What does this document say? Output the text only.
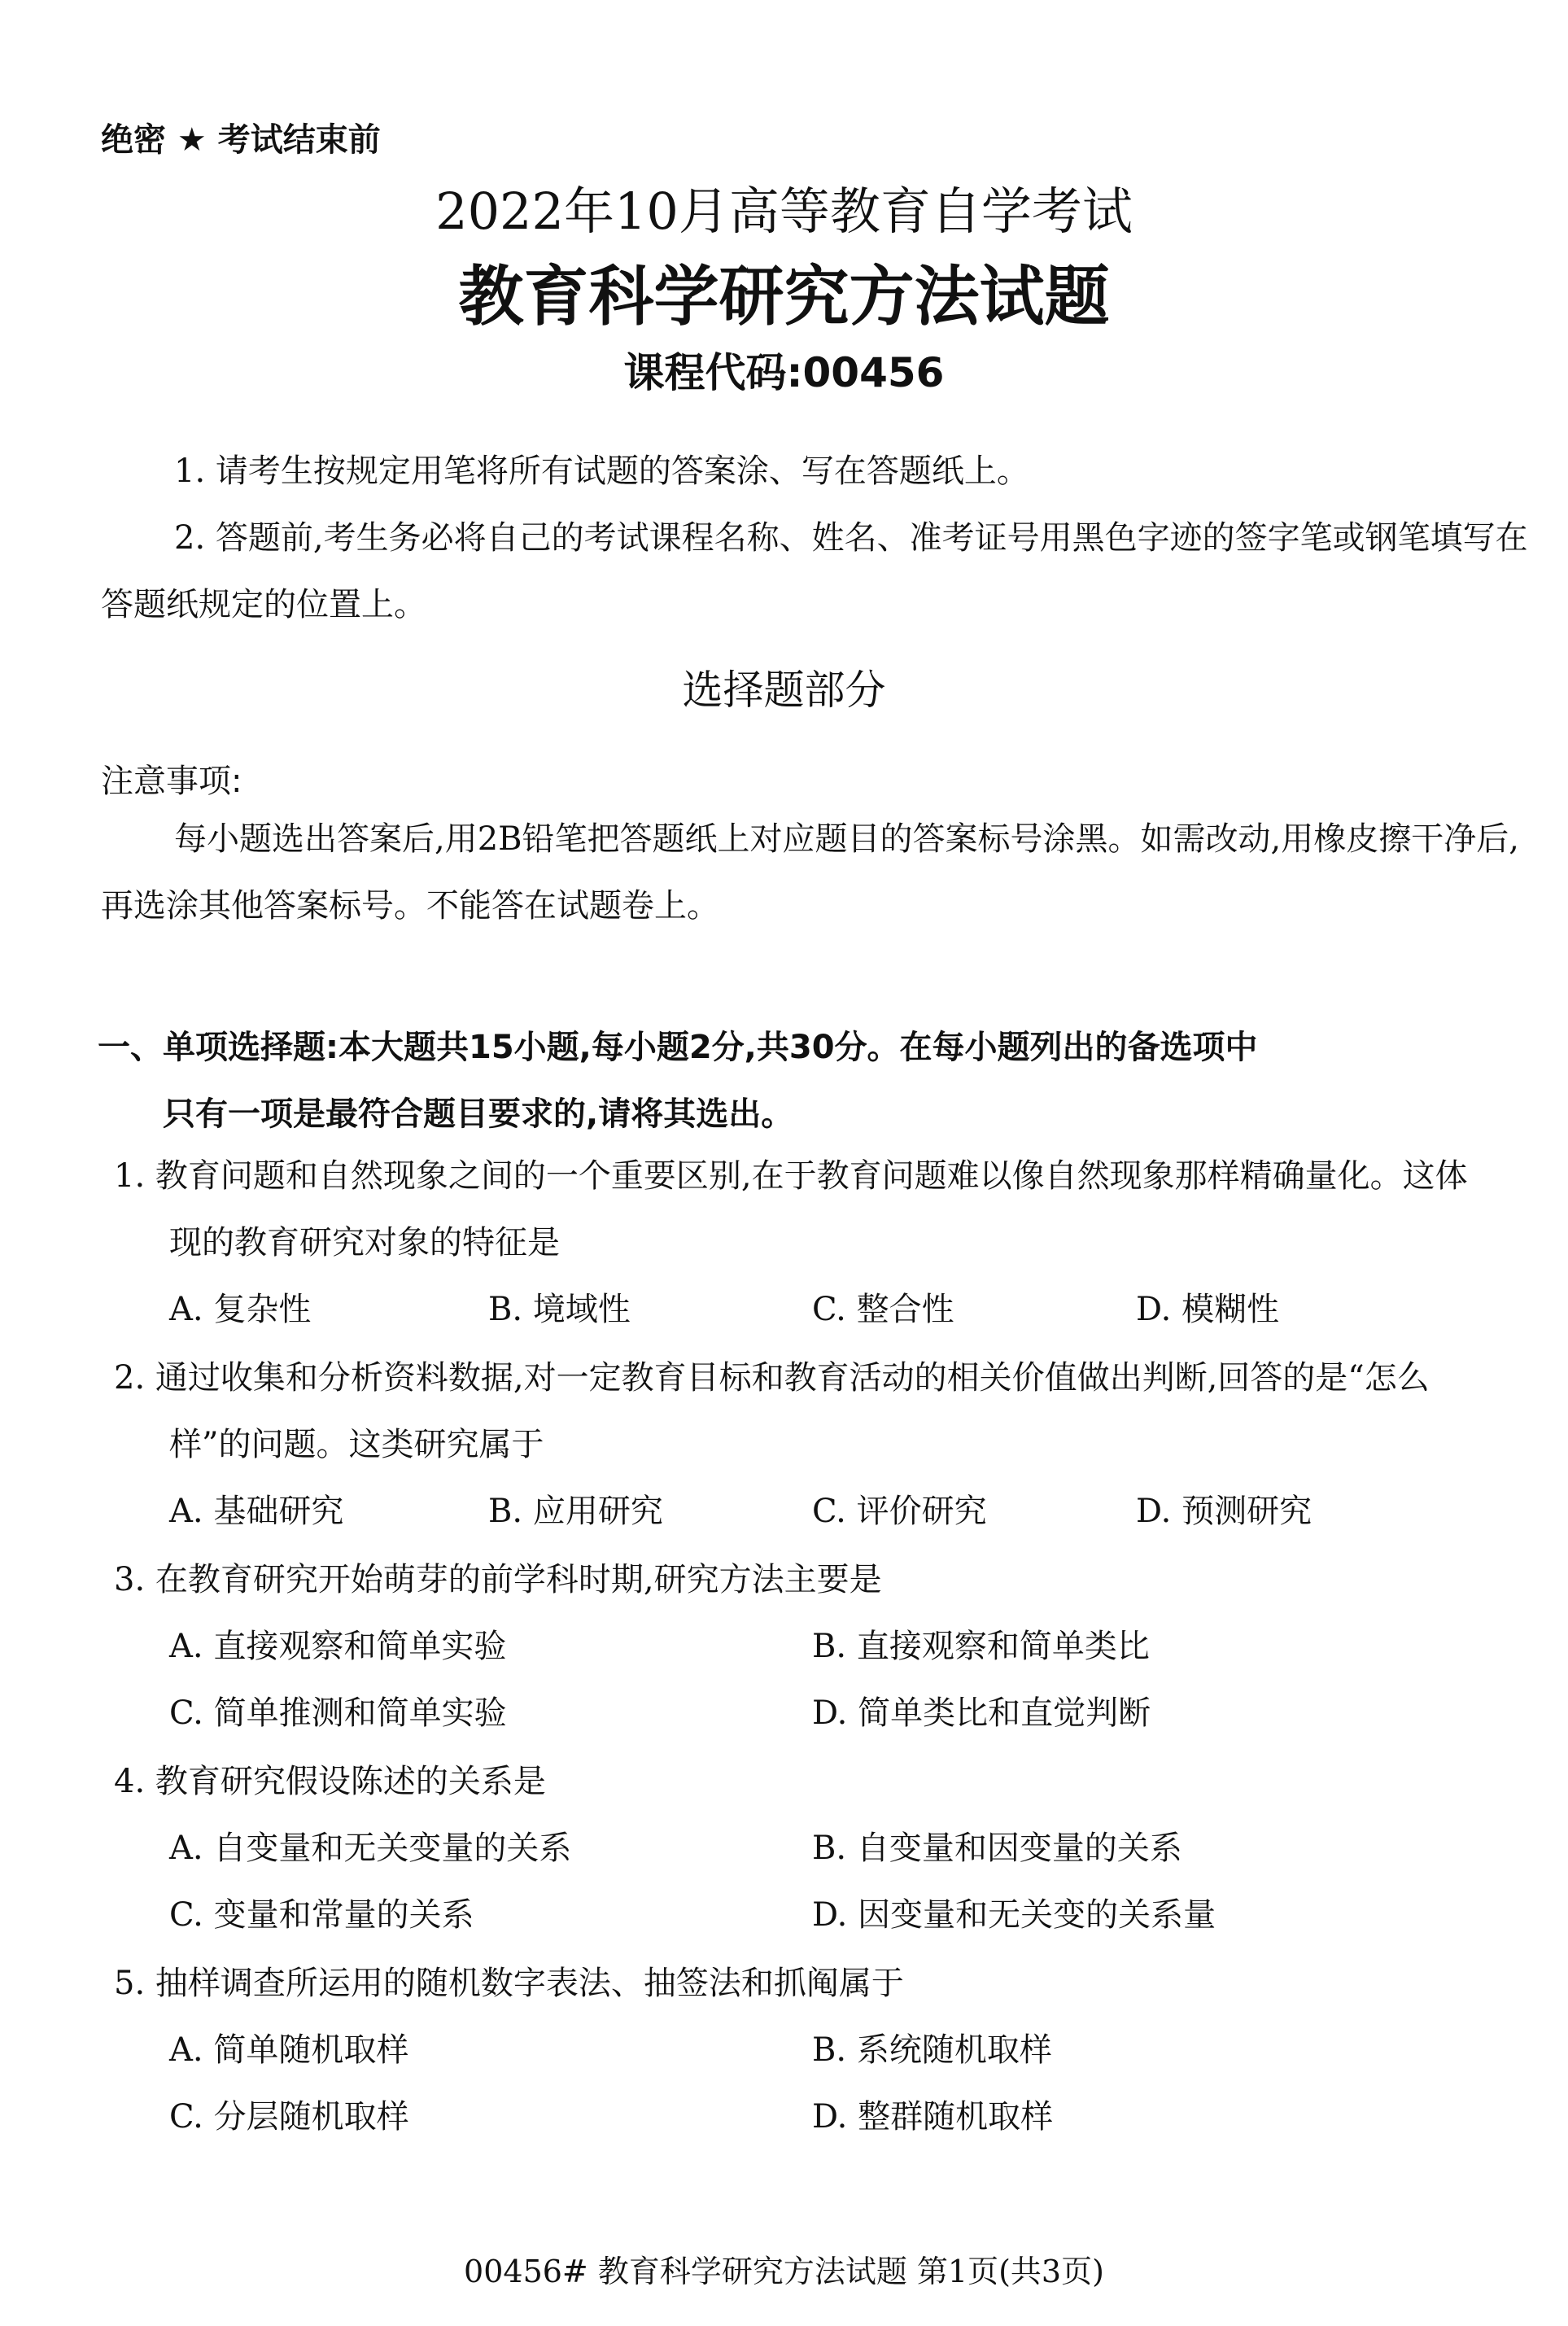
绝密 ★ 考试结束前
2022年10月高等教育自学考试
教育科学研究方法试题
课程代码:00456

1. 请考生按规定用笔将所有试题的答案涂、写在答题纸上。

2. 答题前,考生务必将自己的考试课程名称、姓名、准考证号用黑色字迹的签字笔或钢笔填写在答题纸规定的位置上。

选择题部分
注意事项:

每小题选出答案后,用2B铅笔把答题纸上对应题目的答案标号涂黑。如需改动,用橡皮擦干净后,再选涂其他答案标号。不能答在试题卷上。

一、单项选择题:本大题共15小题,每小题2分,共30分。在每小题列出的备选项中
只有一项是最符合题目要求的,请将其选出。
1. 教育问题和自然现象之间的一个重要区别,在于教育问题难以像自然现象那样精确量化。这体现的教育研究对象的特征是
A. 复杂性	B. 境域性	C. 整合性	D. 模糊性
2. 通过收集和分析资料数据,对一定教育目标和教育活动的相关价值做出判断,回答的是“怎么样”的问题。这类研究属于
A. 基础研究	B. 应用研究	C. 评价研究	D. 预测研究
3. 在教育研究开始萌芽的前学科时期,研究方法主要是
A. 直接观察和简单实验	B. 直接观察和简单类比
C. 简单推测和简单实验	D. 简单类比和直觉判断
4. 教育研究假设陈述的关系是
A. 自变量和无关变量的关系	B. 自变量和因变量的关系
C. 变量和常量的关系	D. 因变量和无关变的关系量
5. 抽样调查所运用的随机数字表法、抽签法和抓阄属于
A. 简单随机取样	B. 系统随机取样
C. 分层随机取样	D. 整群随机取样
00456# 教育科学研究方法试题 第1页(共3页)
